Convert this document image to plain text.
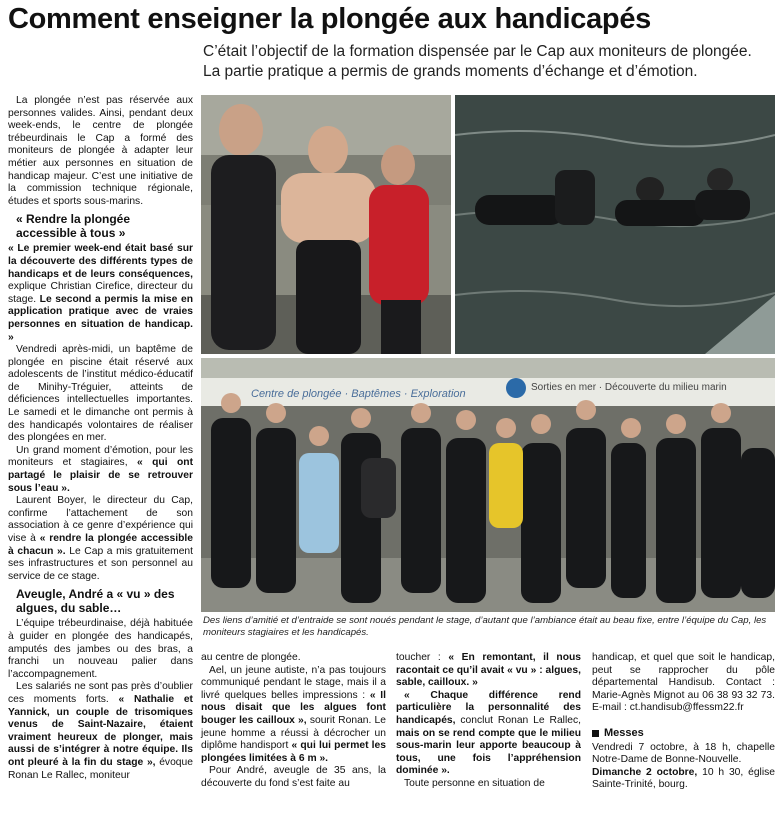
Comment enseigner la plongée aux handicapés
C’était l’objectif de la formation dispensée par le Cap aux moniteurs de plongée.
La partie pratique a permis de grands moments d’échange et d’émotion.

La plongée n’est pas réservée aux personnes valides. Ainsi, pendant deux week-ends, le centre de plongée trébeurdinais le Cap a formé des moniteurs de plongée à adapter leur métier aux personnes en situation de handicap majeur. C’est une initiative de la commission technique régionale, études et sports sous-marins.

« Rendre la plongée accessible à tous »

« Le premier week-end était basé sur la découverte des différents types de handicaps et de leurs conséquences, explique Christian Cirefice, directeur du stage. Le second a permis la mise en application pratique avec de vraies personnes en situation de handicap. »

Vendredi après-midi, un baptême de plongée en piscine était réservé aux adolescents de l’institut médico-éducatif de Minihy-Tréguier, atteints de déficiences intellectuelles importantes. Le samedi et le dimanche ont permis à des handicapés volontaires de réaliser des plongées en mer.

Un grand moment d’émotion, pour les moniteurs et stagiaires, « qui ont partagé le plaisir de se retrouver sous l’eau ».

Laurent Boyer, le directeur du Cap, confirme l’attachement de son association à ce genre d’expérience qui vise à « rendre la plongée accessible à chacun ». Le Cap a mis gratuitement ses infrastructures et son personnel au service de ce stage.

Aveugle, André a « vu » des algues, du sable…

L’équipe trébeurdinaise, déjà habituée à guider en plongée des handicapés, amputés des jambes ou des bras, a franchi un nouveau palier dans l’accompagnement.

Les salariés ne sont pas près d’oublier ces moments forts. « Nathalie et Yannick, un couple de trisomiques venus de Saint-Nazaire, étaient vraiment heureux de plonger, mais aussi de s’intégrer à notre équipe. Ils ont pleuré à la fin du stage », évoque Ronan Le Rallec, moniteur

Centre de plongée · Baptêmes · Exploration
Sorties en mer · Découverte du milieu marin
Des liens d’amitié et d’entraide se sont noués pendant le stage, d’autant que l’ambiance était au beau fixe, entre l’équipe du Cap, les moniteurs stagiaires et les handicapés.

au centre de plongée.

Ael, un jeune autiste, n’a pas toujours communiqué pendant le stage, mais il a livré quelques belles impressions : « Il nous disait que les algues font bouger les cailloux », sourit Ronan. Le jeune homme a réussi à décrocher un diplôme handisport « qui lui permet les plongées limitées à 6 m ».

Pour André, aveugle de 35 ans, la découverte du fond s’est faite au

toucher : « En remontant, il nous racontait ce qu’il avait « vu » : algues, sable, cailloux. »

« Chaque différence rend particulière la personnalité des handicapés, conclut Ronan Le Rallec, mais on se rend compte que le milieu sous-marin leur apporte beaucoup à tous, une fois l’appréhension dominée ».

Toute personne en situation de

handicap, et quel que soit le handicap, peut se rapprocher du pôle départemental Handisub. Contact : Marie-Agnès Mignot au 06 38 93 32 73. E-mail : ct.handisub@ffessm22.fr

Messes

Vendredi 7 octobre, à 18 h, chapelle Notre-Dame de Bonne-Nouvelle.

Dimanche 2 octobre, 10 h 30, église Sainte-Trinité, bourg.
